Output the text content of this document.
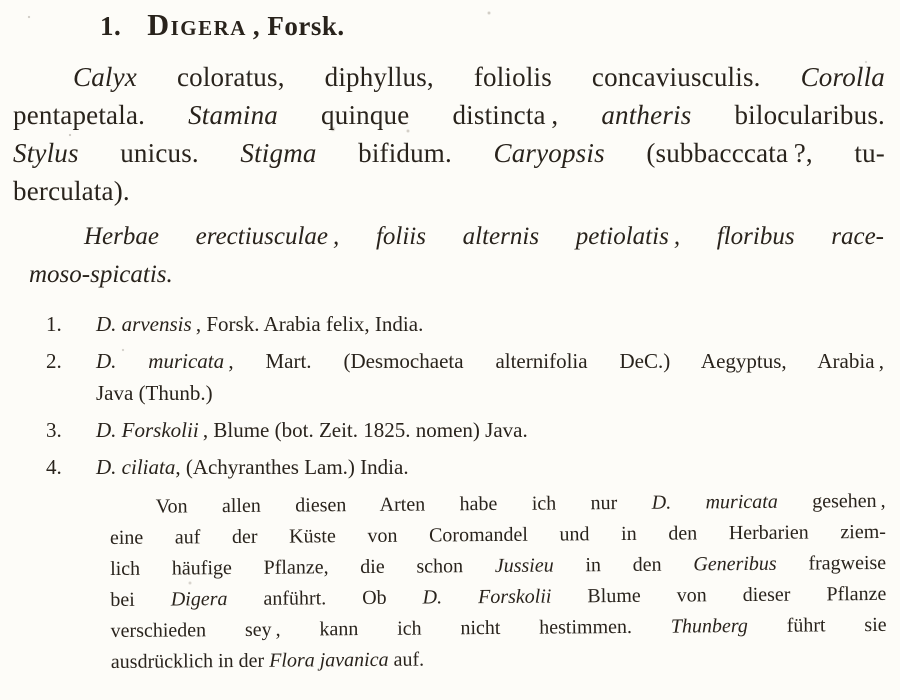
1. Digera , Forsk.
Calyx coloratus, diphyllus, foliolis concaviusculis. Corolla
pentapetala. Stamina quinque distincta , antheris bilocularibus.
Stylus unicus. Stigma bifidum. Caryopsis (subbacccata ?, tu-
berculata).
Herbae erectiusculae , foliis alternis petiolatis , floribus race-
moso-spicatis.
1.	D. arvensis , Forsk. Arabia felix, India.
2.	D. muricata , Mart. (Desmochaeta alternifolia DeC.) Aegyptus, Arabia ,
Java (Thunb.)
3.	D. Forskolii , Blume (bot. Zeit. 1825. nomen) Java.
4.	D. ciliata, (Achyranthes Lam.) India.
Von allen diesen Arten habe ich nur D. muricata gesehen ,
eine auf der Küste von Coromandel und in den Herbarien ziem-
lich häufige Pflanze, die schon Jussieu in den Generibus fragweise
bei Digera anführt. Ob D. Forskolii Blume von dieser Pflanze
verschieden sey , kann ich nicht hestimmen. Thunberg führt sie
ausdrücklich in der Flora javanica auf.
